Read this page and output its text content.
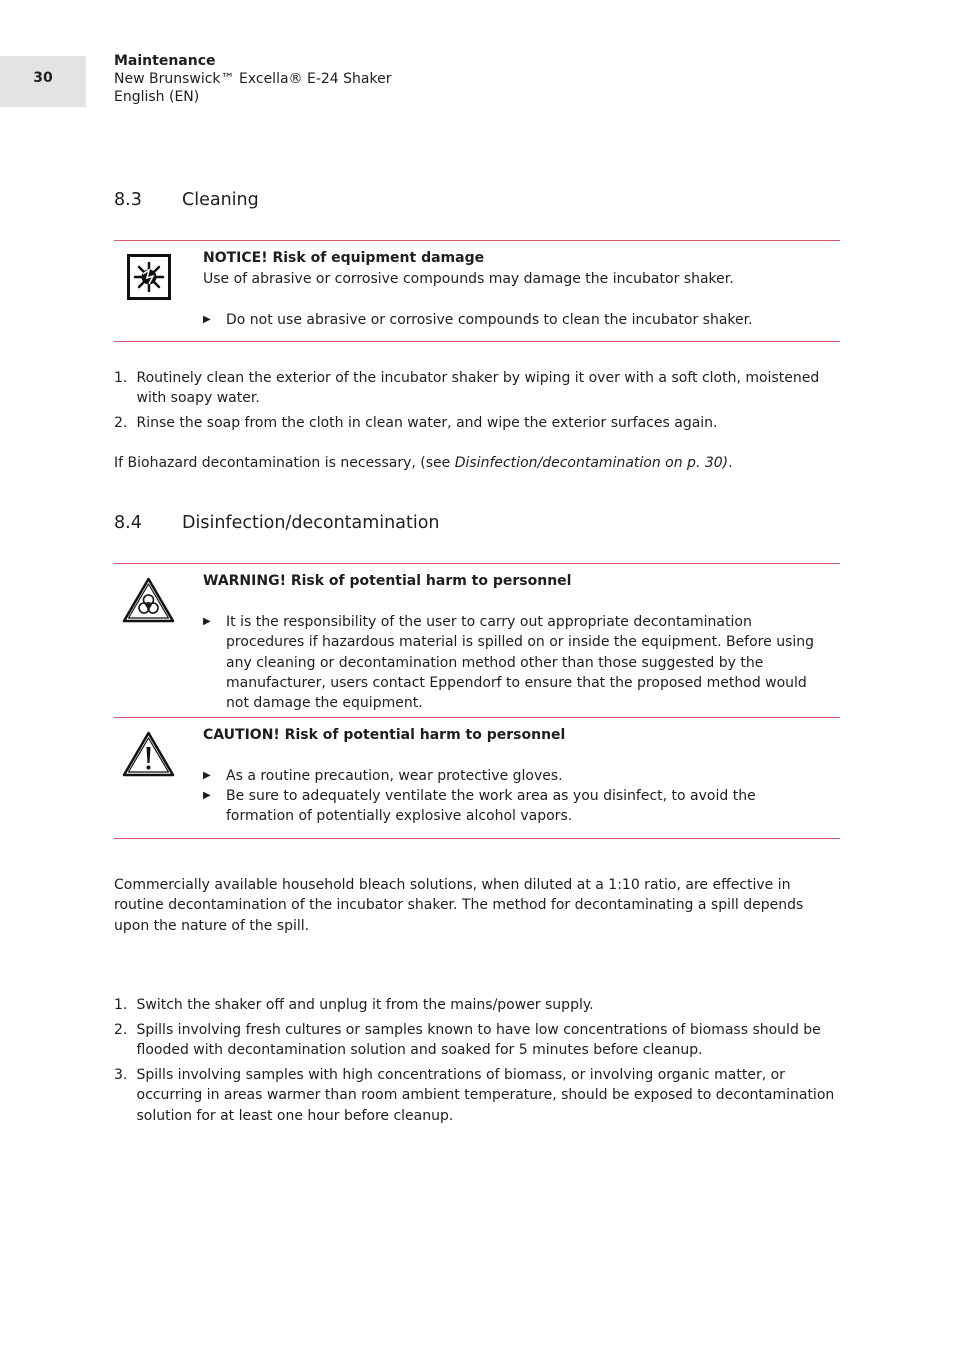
30
Maintenance
New Brunswick™ Excella® E-24 Shaker
English (EN)
8.3 Cleaning
NOTICE! Risk of equipment damage
Use of abrasive or corrosive compounds may damage the incubator shaker.
▶	Do not use abrasive or corrosive compounds to clean the incubator shaker.
1. Routinely clean the exterior of the incubator shaker by wiping it over with a soft cloth, moistened with soapy water.
2. Rinse the soap from the cloth in clean water, and wipe the exterior surfaces again.
If Biohazard decontamination is necessary, (see Disinfection/decontamination on p. 30).
8.4 Disinfection/decontamination
WARNING! Risk of potential harm to personnel
▶	It is the responsibility of the user to carry out appropriate decontamination procedures if hazardous material is spilled on or inside the equipment. Before using any cleaning or decontamination method other than those suggested by the manufacturer, users contact Eppendorf to ensure that the proposed method would not damage the equipment.
CAUTION! Risk of potential harm to personnel
▶	As a routine precaution, wear protective gloves.
▶	Be sure to adequately ventilate the work area as you disinfect, to avoid the formation of potentially explosive alcohol vapors.
Commercially available household bleach solutions, when diluted at a 1:10 ratio, are effective in routine decontamination of the incubator shaker. The method for decontaminating a spill depends upon the nature of the spill.
1. Switch the shaker off and unplug it from the mains/power supply.
2. Spills involving fresh cultures or samples known to have low concentrations of biomass should be flooded with decontamination solution and soaked for 5 minutes before cleanup.
3. Spills involving samples with high concentrations of biomass, or involving organic matter, or occurring in areas warmer than room ambient temperature, should be exposed to decontamination solution for at least one hour before cleanup.
